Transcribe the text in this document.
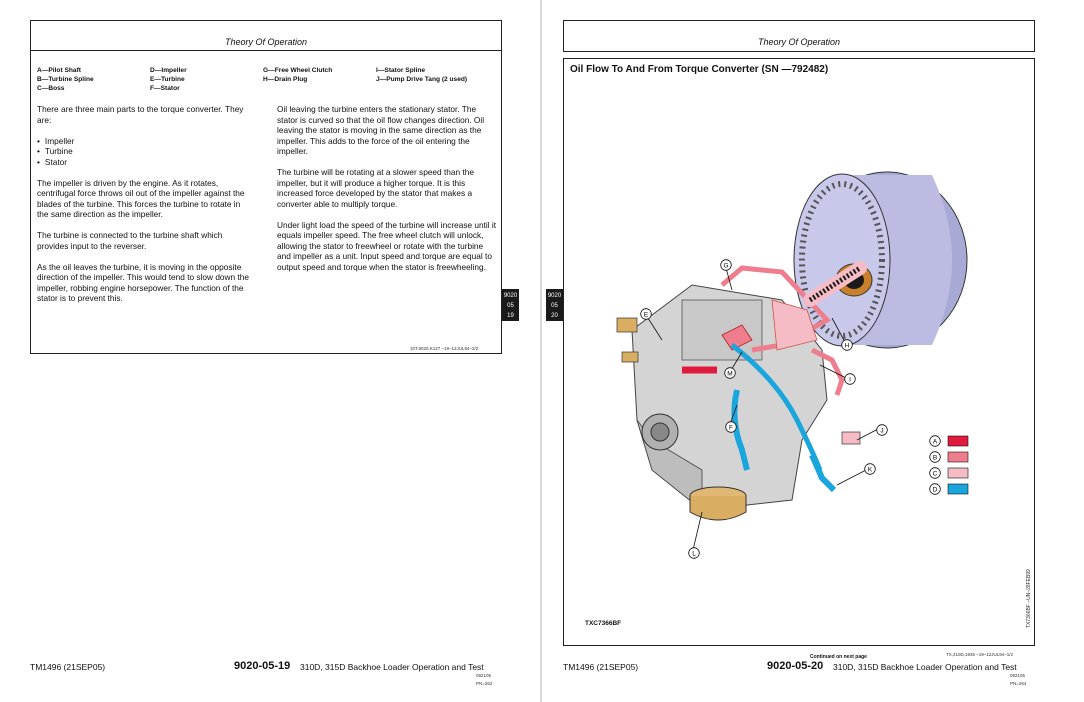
Theory Of Operation
A—Pilot Shaft
B—Turbine Spline
C—Boss
D—Impeller
E—Turbine
F—Stator
G—Free Wheel Clutch
H—Drain Plug
I—Stator Spline
J—Pump Drive Tang (2 used)

There are three main parts to the torque converter. They are:

• Impeller
• Turbine
• Stator

The impeller is driven by the engine. As it rotates, centrifugal force throws oil out of the impeller against the blades of the turbine. This forces the turbine to rotate in the same direction as the impeller.

The turbine is connected to the turbine shaft which provides input to the reverser.

As the oil leaves the turbine, it is moving in the opposite direction of the impeller. This would tend to slow down the impeller, robbing engine horsepower. The function of the stator is to prevent this.

Oil leaving the turbine enters the stationary stator. The stator is curved so that the oil flow changes direction. Oil leaving the stator is moving in the same direction as the impeller. This adds to the force of the oil entering the impeller.

The turbine will be rotating at a slower speed than the impeller, but it will produce a higher torque. It is this increased force developed by the stator that makes a converter able to multiply torque.

Under light load the speed of the turbine will increase until it equals impeller speed. The free wheel clutch will unlock, allowing the stator to freewheel or rotate with the turbine and impeller as a unit. Input speed and torque are equal to output speed and torque when the stator is freewheeling.

9020
05
19
10T.9020.K127 –19–12JUL94–2/2
TM1496 (21SEP05)	9020-05-19 310D, 315D Backhoe Loader Operation and Test
092105
PN=262
Theory Of Operation
Oil Flow To And From Torque Converter (SN —792482)
9020
05
20
G
E
M
H
I
F	J
K
L
A
B
C
D
TXC7366BF	TX7366BF –UN–28FEB99
Continued on next page	TX,210D,1935 –19–12JUL94–1/2
TM1496 (21SEP05)	9020-05-20 310D, 315D Backhoe Loader Operation and Test
092105
PN=264
